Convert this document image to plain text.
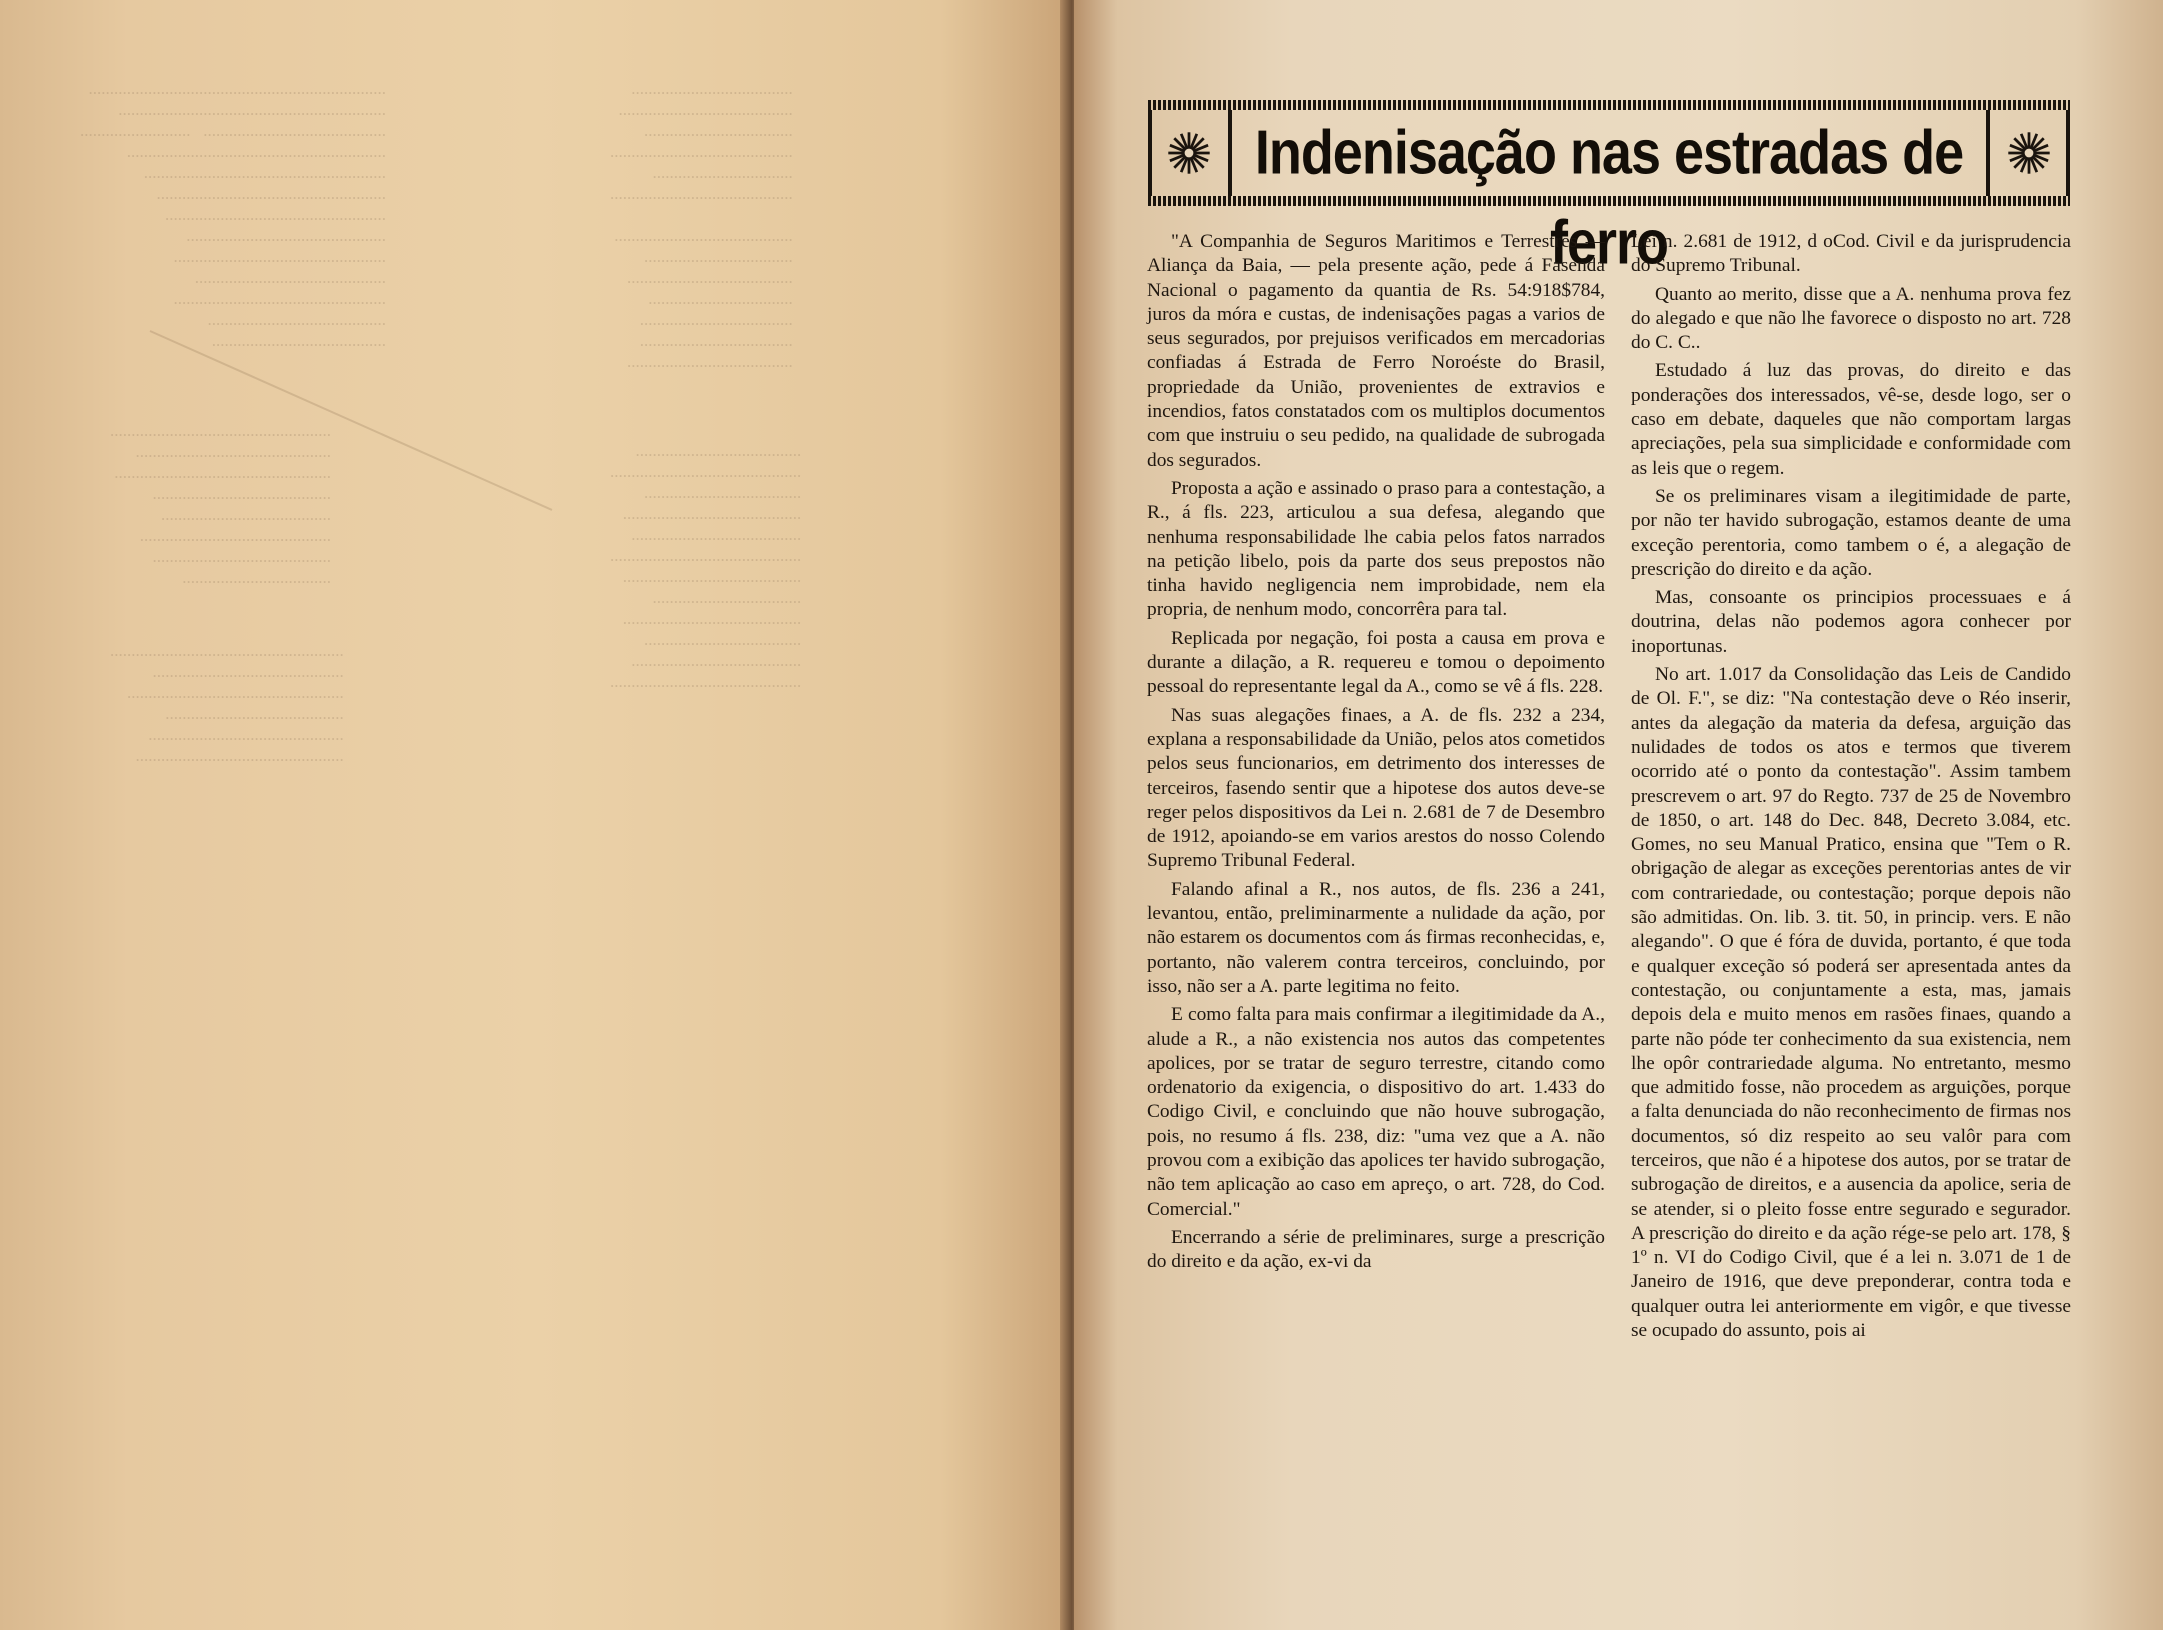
......................................................................
...............................................................
...........................................   ..........................
.............................................................
.........................................................
......................................................
....................................................
...............................................
..................................................
.............................................
..................................................
..........................................
.........................................
......................................
.........................................
...................................
...........................................
.................................
...........................................

..........................................
...................................
.......................................
..................................
....................................
....................................
.......................................
....................................................
..............................................
...................................................
..........................................
........................................
.............................................
..........................................
...................................
.......................................
.............................................
.....................................
..........................................
........................................
.............................................
..........................................
...................................
..........................................
.....................................
........................................
.............................................
.......................................................
.............................................
...................................................
..........................................
..............................................
.................................................
Indenisação nas estradas de ferro

"A Companhia de Seguros Maritimos e Terrestres — Aliança da Baia, — pela presente ação, pede á Fasenda Nacional o pagamento da quantia de Rs. 54:918$784, juros da móra e custas, de indenisações pagas a varios de seus segurados, por prejuisos verificados em mercadorias confiadas á Estrada de Ferro Noroéste do Brasil, propriedade da União, provenientes de extravios e incendios, fatos constatados com os multiplos documentos com que instruiu o seu pedido, na qualidade de subrogada dos segurados.

Proposta a ação e assinado o praso para a contestação, a R., á fls. 223, articulou a sua defesa, alegando que nenhuma responsabilidade lhe cabia pelos fatos narrados na petição libelo, pois da parte dos seus prepostos não tinha havido negligencia nem improbidade, nem ela propria, de nenhum modo, concorrêra para tal.

Replicada por negação, foi posta a causa em prova e durante a dilação, a R. requereu e tomou o depoimento pessoal do representante legal da A., como se vê á fls. 228.

Nas suas alegações finaes, a A. de fls. 232 a 234, explana a responsabilidade da União, pelos atos cometidos pelos seus funcionarios, em detrimento dos interesses de terceiros, fasendo sentir que a hipotese dos autos deve-se reger pelos dispositivos da Lei n. 2.681 de 7 de Desembro de 1912, apoiando-se em varios arestos do nosso Colendo Supremo Tribunal Federal.

Falando afinal a R., nos autos, de fls. 236 a 241, levantou, então, preliminarmente a nulidade da ação, por não estarem os documentos com ás firmas reconhecidas, e, portanto, não valerem contra terceiros, concluindo, por isso, não ser a A. parte legitima no feito.

E como falta para mais confirmar a ilegitimidade da A., alude a R., a não existencia nos autos das competentes apolices, por se tratar de seguro terrestre, citando como ordenatorio da exigencia, o dispositivo do art. 1.433 do Codigo Civil, e concluindo que não houve subrogação, pois, no resumo á fls. 238, diz: "uma vez que a A. não provou com a exibição das apolices ter havido subrogação, não tem aplicação ao caso em apreço, o art. 728, do Cod. Comercial."

Encerrando a série de preliminares, surge a prescrição do direito e da ação, ex-vi da

Lei n. 2.681 de 1912, d oCod. Civil e da jurisprudencia do Supremo Tribunal.

Quanto ao merito, disse que a A. nenhuma prova fez do alegado e que não lhe favorece o disposto no art. 728 do C. C..

Estudado á luz das provas, do direito e das ponderações dos interessados, vê-se, desde logo, ser o caso em debate, daqueles que não comportam largas apreciações, pela sua simplicidade e conformidade com as leis que o regem.

Se os preliminares visam a ilegitimidade de parte, por não ter havido subrogação, estamos deante de uma exceção perentoria, como tambem o é, a alegação de prescrição do direito e da ação.

Mas, consoante os principios processuaes e á doutrina, delas não podemos agora conhecer por inoportunas.

No art. 1.017 da Consolidação das Leis de Candido de Ol. F.", se diz: "Na contestação deve o Réo inserir, antes da alegação da materia da defesa, arguição das nulidades de todos os atos e termos que tiverem ocorrido até o ponto da contestação". Assim tambem prescrevem o art. 97 do Regto. 737 de 25 de Novembro de 1850, o art. 148 do Dec. 848, Decreto 3.084, etc. Gomes, no seu Manual Pratico, ensina que "Tem o R. obrigação de alegar as exceções perentorias antes de vir com contrariedade, ou contestação; porque depois não são admitidas. On. lib. 3. tit. 50, in princip. vers. E não alegando". O que é fóra de duvida, portanto, é que toda e qualquer exceção só poderá ser apresentada antes da contestação, ou conjuntamente a esta, mas, jamais depois dela e muito menos em rasões finaes, quando a parte não póde ter conhecimento da sua existencia, nem lhe opôr contrariedade alguma. No entretanto, mesmo que admitido fosse, não procedem as arguições, porque a falta denunciada do não reconhecimento de firmas nos documentos, só diz respeito ao seu valôr para com terceiros, que não é a hipotese dos autos, por se tratar de subrogação de direitos, e a ausencia da apolice, seria de se atender, si o pleito fosse entre segurado e segurador. A prescrição do direito e da ação rége-se pelo art. 178, § 1º n. VI do Codigo Civil, que é a lei n. 3.071 de 1 de Janeiro de 1916, que deve preponderar, contra toda e qualquer outra lei anteriormente em vigôr, e que tivesse se ocupado do assunto, pois ai
